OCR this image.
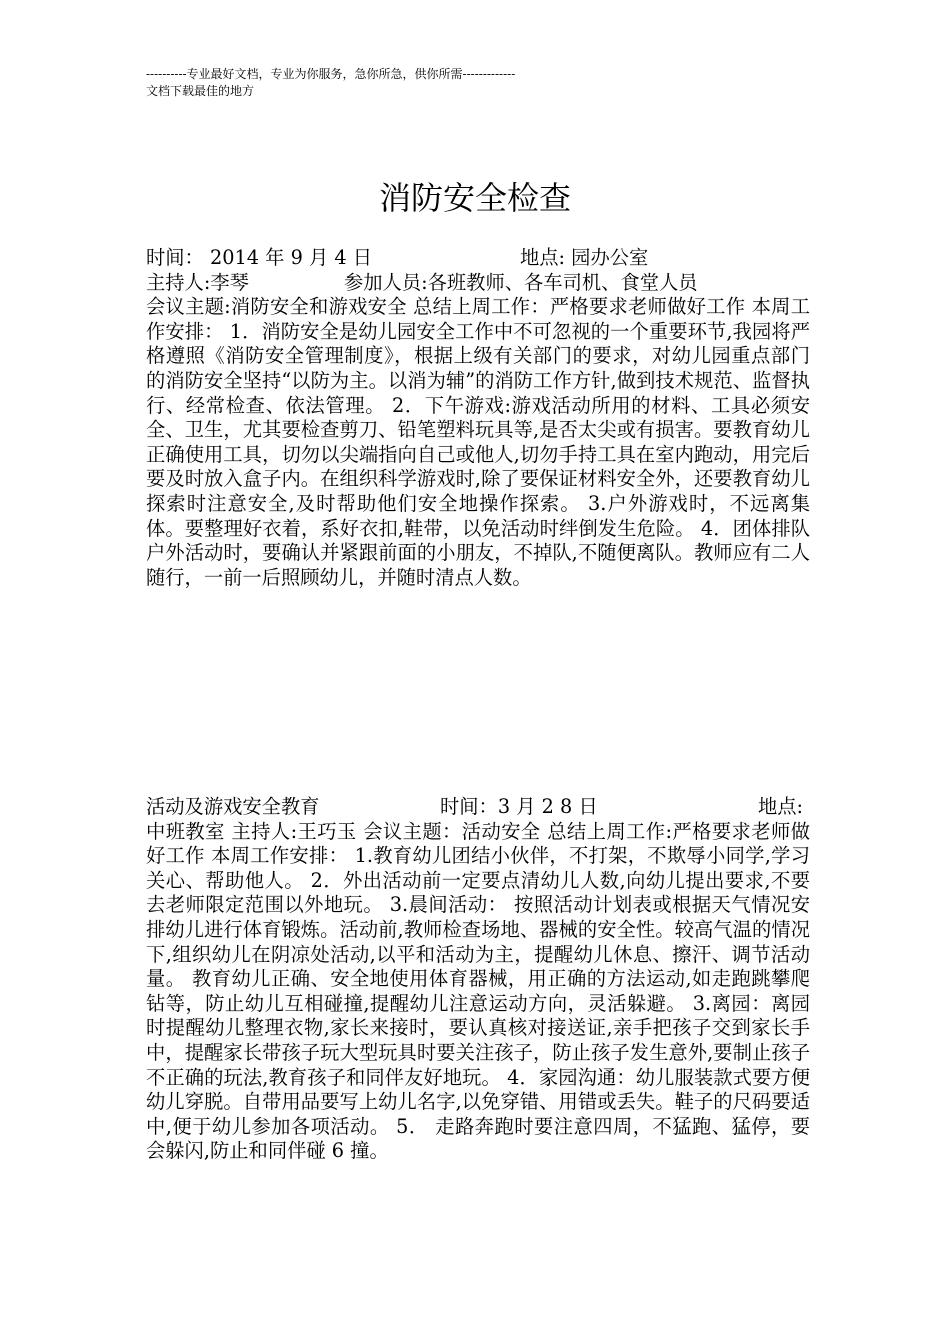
----------专业最好文档，专业为你服务，急你所急，供你所需-------------
文档下载最佳的地方
消防安全检查
时间： 2014 年 9 月 4 日	地点: 园办公室
主持人:李琴	参加人员:各班教师、各车司机、食堂人员
会议主题:消防安全和游戏安全 总结上周工作：严格要求老师做好工作 本周工作安排： 1．消防安全是幼儿园安全工作中不可忽视的一个重要环节,我园将严格遵照《消防安全管理制度》，根据上级有关部门的要求，对幼儿园重点部门的消防安全坚持“以防为主。以消为辅”的消防工作方针,做到技术规范、监督执行、经常检查、依法管理。 2．下午游戏:游戏活动所用的材料、工具必须安全、卫生，尤其要检查剪刀、铅笔塑料玩具等,是否太尖或有损害。要教育幼儿正确使用工具，切勿以尖端指向自己或他人,切勿手持工具在室内跑动，用完后要及时放入盒子内。在组织科学游戏时,除了要保证材料安全外，还要教育幼儿探索时注意安全,及时帮助他们安全地操作探索。 3.户外游戏时，不远离集体。要整理好衣着，系好衣扣,鞋带，以免活动时绊倒发生危险。 4．团体排队户外活动时，要确认并紧跟前面的小朋友，不掉队,不随便离队。教师应有二人随行，一前一后照顾幼儿，并随时清点人数。
活动及游戏安全教育	时间：3 月 2 8 日	地点:
中班教室 主持人:王巧玉 会议主题：活动安全 总结上周工作:严格要求老师做好工作 本周工作安排： 1.教育幼儿团结小伙伴，不打架，不欺辱小同学,学习关心、帮助他人。 2．外出活动前一定要点清幼儿人数,向幼儿提出要求,不要去老师限定范围以外地玩。 3.晨间活动： 按照活动计划表或根据天气情况安排幼儿进行体育锻炼。活动前,教师检查场地、器械的安全性。较高气温的情况下,组织幼儿在阴凉处活动,以平和活动为主，提醒幼儿休息、擦汗、调节活动量。 教育幼儿正确、安全地使用体育器械，用正确的方法运动,如走跑跳攀爬钻等，防止幼儿互相碰撞,提醒幼儿注意运动方向，灵活躲避。 3.离园：离园时提醒幼儿整理衣物,家长来接时，要认真核对接送证,亲手把孩子交到家长手中，提醒家长带孩子玩大型玩具时要关注孩子，防止孩子发生意外,要制止孩子不正确的玩法,教育孩子和同伴友好地玩。 4．家园沟通：幼儿服装款式要方便幼儿穿脱。自带用品要写上幼儿名字,以免穿错、用错或丢失。鞋子的尺码要适中,便于幼儿参加各项活动。 5． 走路奔跑时要注意四周，不猛跑、猛停，要会躲闪,防止和同伴碰 6 撞。
